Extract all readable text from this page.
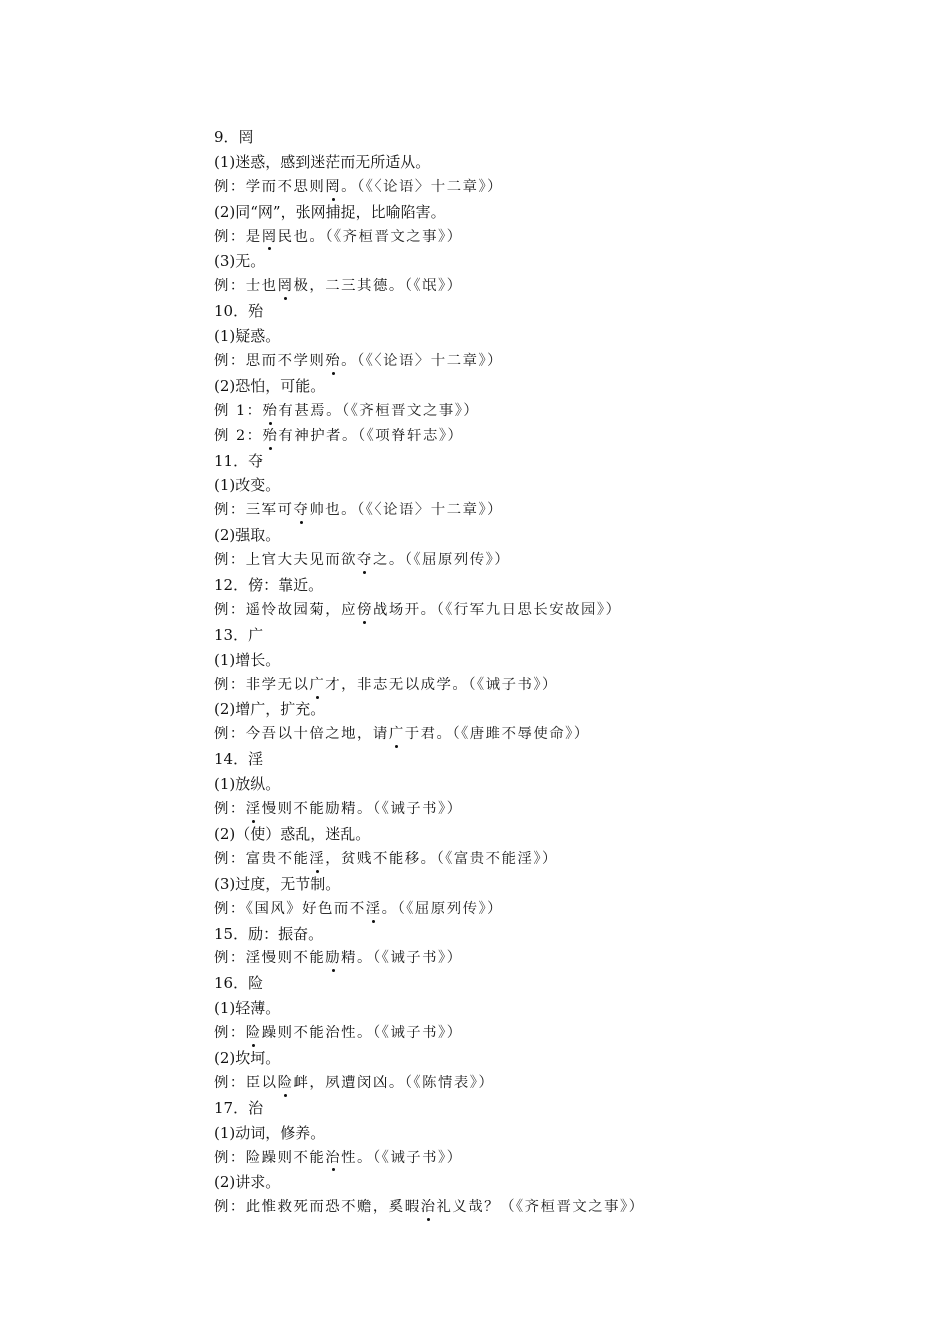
9．罔
(1)迷惑，感到迷茫而无所适从。
例：学而不思则罔。（《〈论语〉十二章》）
(2)同“网”，张网捕捉，比喻陷害。
例：是罔民也。（《齐桓晋文之事》）
(3)无。
例：士也罔极，二三其德。（《氓》）
10．殆
(1)疑惑。
例：思而不学则殆。（《〈论语〉十二章》）
(2)恐怕，可能。
例 1：殆有甚焉。（《齐桓晋文之事》）
例 2：殆有神护者。（《项脊轩志》）
11．夺
(1)改变。
例：三军可夺帅也。（《〈论语〉十二章》）
(2)强取。
例：上官大夫见而欲夺之。（《屈原列传》）
12．傍：靠近。
例：遥怜故园菊，应傍战场开。（《行军九日思长安故园》）
13．广
(1)增长。
例：非学无以广才，非志无以成学。（《诫子书》）
(2)增广，扩充。
例：今吾以十倍之地，请广于君。（《唐雎不辱使命》）
14．淫
(1)放纵。
例：淫慢则不能励精。（《诫子书》）
(2)（使）惑乱，迷乱。
例：富贵不能淫，贫贱不能移。（《富贵不能淫》）
(3)过度，无节制。
例：《国风》好色而不淫。（《屈原列传》）
15．励：振奋。
例：淫慢则不能励精。（《诫子书》）
16．险
(1)轻薄。
例：险躁则不能治性。（《诫子书》）
(2)坎坷。
例：臣以险衅，夙遭闵凶。（《陈情表》）
17．治
(1)动词，修养。
例：险躁则不能治性。（《诫子书》）
(2)讲求。
例：此惟救死而恐不赡，奚暇治礼义哉？（《齐桓晋文之事》）
